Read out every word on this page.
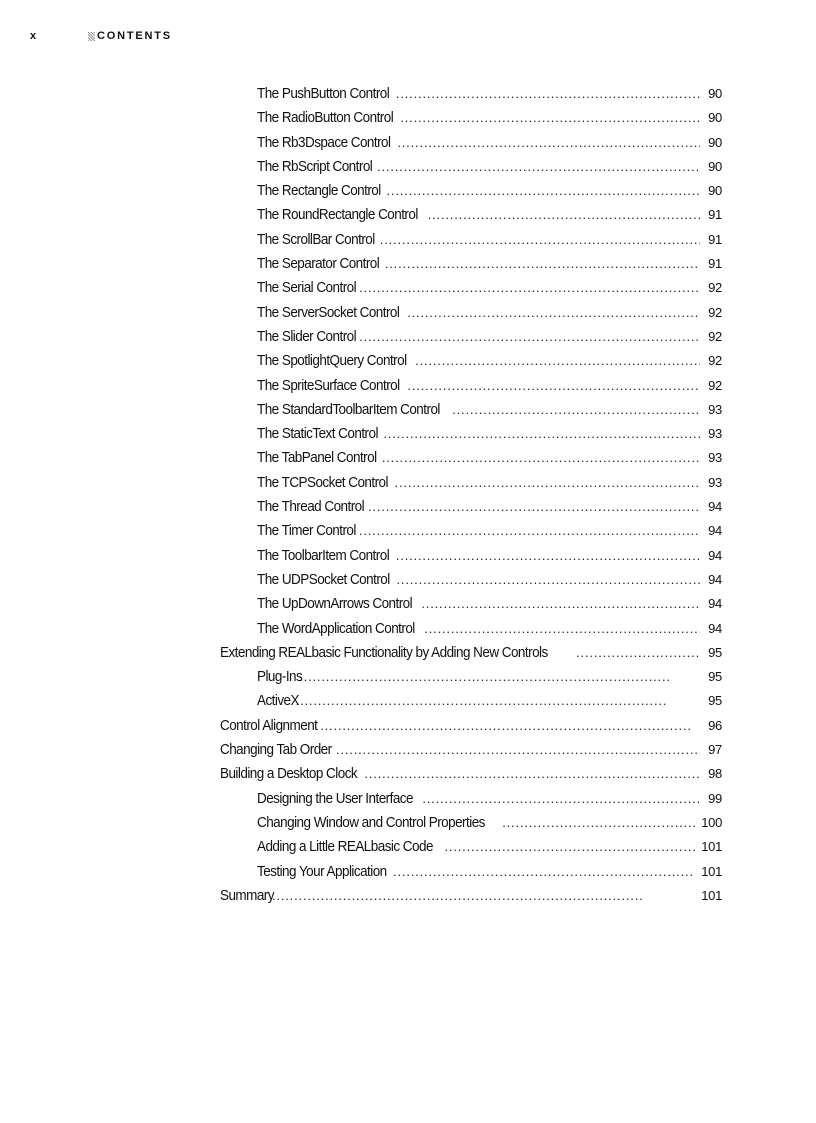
x	CONTENTS
The PushButton Control . . .	90
The RadioButton Control . . .	90
The Rb3Dspace Control . . .	90
The RbScript Control . . .	90
The Rectangle Control . . .	90
The RoundRectangle Control . . .	91
The ScrollBar Control . . .	91
The Separator Control . . .	91
The Serial Control . . .	92
The ServerSocket Control . . .	92
The Slider Control . . .	92
The SpotlightQuery Control . . .	92
The SpriteSurface Control . . .	92
The StandardToolbarItem Control . . .	93
The StaticText Control . . .	93
The TabPanel Control . . .	93
The TCPSocket Control . . .	93
The Thread Control . . .	94
The Timer Control . . .	94
The ToolbarItem Control . . .	94
The UDPSocket Control . . .	94
The UpDownArrows Control . . .	94
The WordApplication Control . . .	94
Extending REALbasic Functionality by Adding New Controls . . .	95
Plug-Ins . . .	95
ActiveX . . .	95
Control Alignment . . .	96
Changing Tab Order . . .	97
Building a Desktop Clock . . .	98
Designing the User Interface . . .	99
Changing Window and Control Properties . . .	100
Adding a Little REALbasic Code . . .	101
Testing Your Application . . .	101
Summary . . .	101
